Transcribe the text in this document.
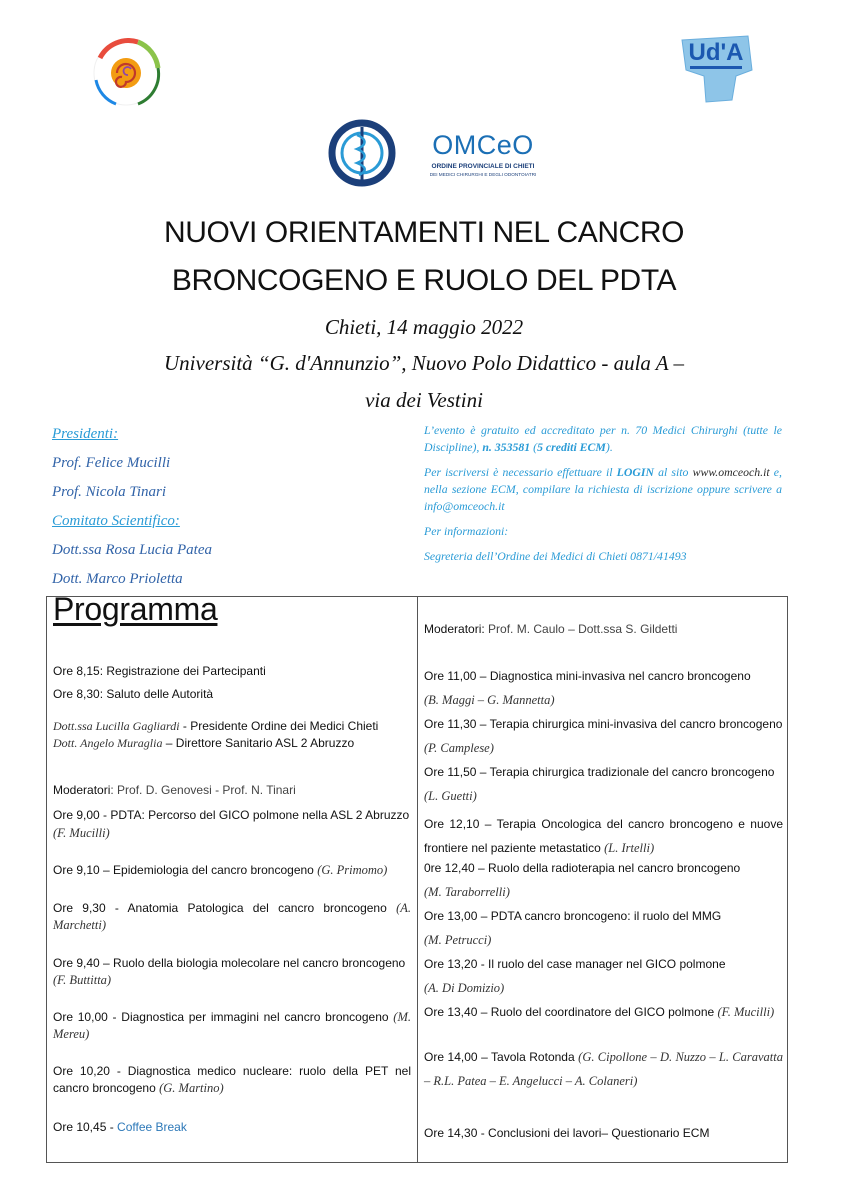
Ud'A
OMCeO
ORDINE PROVINCIALE DI CHIETI
DEI MEDICI CHIRURGHI E DEGLI ODONTOIATRI
NUOVI ORIENTAMENTI NEL CANCRO
BRONCOGENO E RUOLO DEL PDTA
Chieti, 14 maggio 2022
Università “G. d'Annunzio”, Nuovo Polo Didattico - aula A –
via dei Vestini
Presidenti:
Prof. Felice Mucilli
Prof. Nicola Tinari
Comitato Scientifico:
Dott.ssa Rosa Lucia Patea
Dott. Marco Prioletta

L’evento è gratuito ed accreditato per n. 70 Medici Chirurghi (tutte le Discipline), n. 353581 (5 crediti ECM).

Per iscriversi è necessario effettuare il LOGIN al sito www.omceoch.it e, nella sezione ECM, compilare la richiesta di iscrizione oppure scrivere a info@omceoch.it

Per informazioni:

Segreteria dell’Ordine dei Medici di Chieti 0871/41493

Programma
Ore 8,15: Registrazione dei Partecipanti
Ore 8,30: Saluto delle Autorità
Dott.ssa Lucilla Gagliardi - Presidente Ordine dei Medici Chieti
Dott. Angelo Muraglia – Direttore Sanitario ASL 2 Abruzzo
Moderatori: Prof. D. Genovesi - Prof. N. Tinari
Ore 9,00 - PDTA: Percorso del GICO polmone nella ASL 2 Abruzzo
(F. Mucilli)
Ore 9,10 – Epidemiologia del cancro broncogeno (G. Primomo)
Ore 9,30 - Anatomia Patologica del cancro broncogeno (A. Marchetti)
Ore 9,40 – Ruolo della biologia molecolare nel cancro broncogeno
(F. Buttitta)
Ore 10,00 - Diagnostica per immagini nel cancro broncogeno (M. Mereu)
Ore 10,20 - Diagnostica medico nucleare: ruolo della PET nel cancro broncogeno (G. Martino)
Ore 10,45 - Coffee Break
Moderatori: Prof. M. Caulo – Dott.ssa S. Gildetti
Ore 11,00 – Diagnostica mini-invasiva nel cancro broncogeno
(B. Maggi – G. Mannetta)
Ore 11,30 – Terapia chirurgica mini-invasiva del cancro broncogeno
(P. Camplese)
Ore 11,50 – Terapia chirurgica tradizionale del cancro broncogeno
(L. Guetti)
Ore 12,10 – Terapia Oncologica del cancro broncogeno e nuove frontiere nel paziente metastatico (L. Irtelli)
0re 12,40 – Ruolo della radioterapia nel cancro broncogeno
(M. Taraborrelli)
Ore 13,00 – PDTA cancro broncogeno: il ruolo del MMG
(M. Petrucci)
Ore 13,20 - Il ruolo del case manager nel GICO polmone
(A. Di Domizio)
Ore 13,40 – Ruolo del coordinatore del GICO polmone (F. Mucilli)
Ore 14,00 – Tavola Rotonda (G. Cipollone – D. Nuzzo – L. Caravatta – R.L. Patea – E. Angelucci – A. Colaneri)
Ore 14,30 - Conclusioni dei lavori– Questionario ECM
